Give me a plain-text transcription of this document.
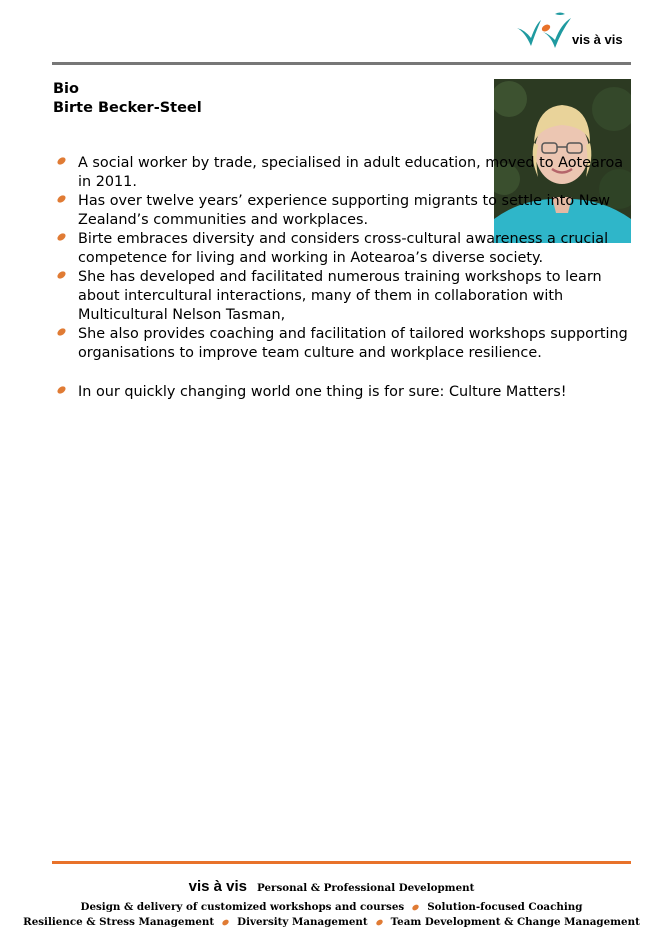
vis à vis
Bio
Birte Becker-Steel
A social worker by trade, specialised in adult education, moved to Aotearoa in 2011.
Has over twelve years’ experience supporting migrants to settle into New Zealand’s communities and workplaces.
Birte embraces diversity and considers cross-cultural awareness a crucial competence for living and working in Aotearoa’s diverse society.
She has developed and facilitated numerous training workshops to learn about intercultural interactions, many of them in collaboration with Multicultural Nelson Tasman,
She also provides coaching and facilitation of tailored workshops supporting organisations to improve team culture and workplace resilience.
In our quickly changing world one thing is for sure: Culture Matters!
vis à vis Personal & Professional Development
Design & delivery of customized workshops and courses Solution-focused Coaching
Resilience & Stress Management Diversity Management Team Development & Change Management
